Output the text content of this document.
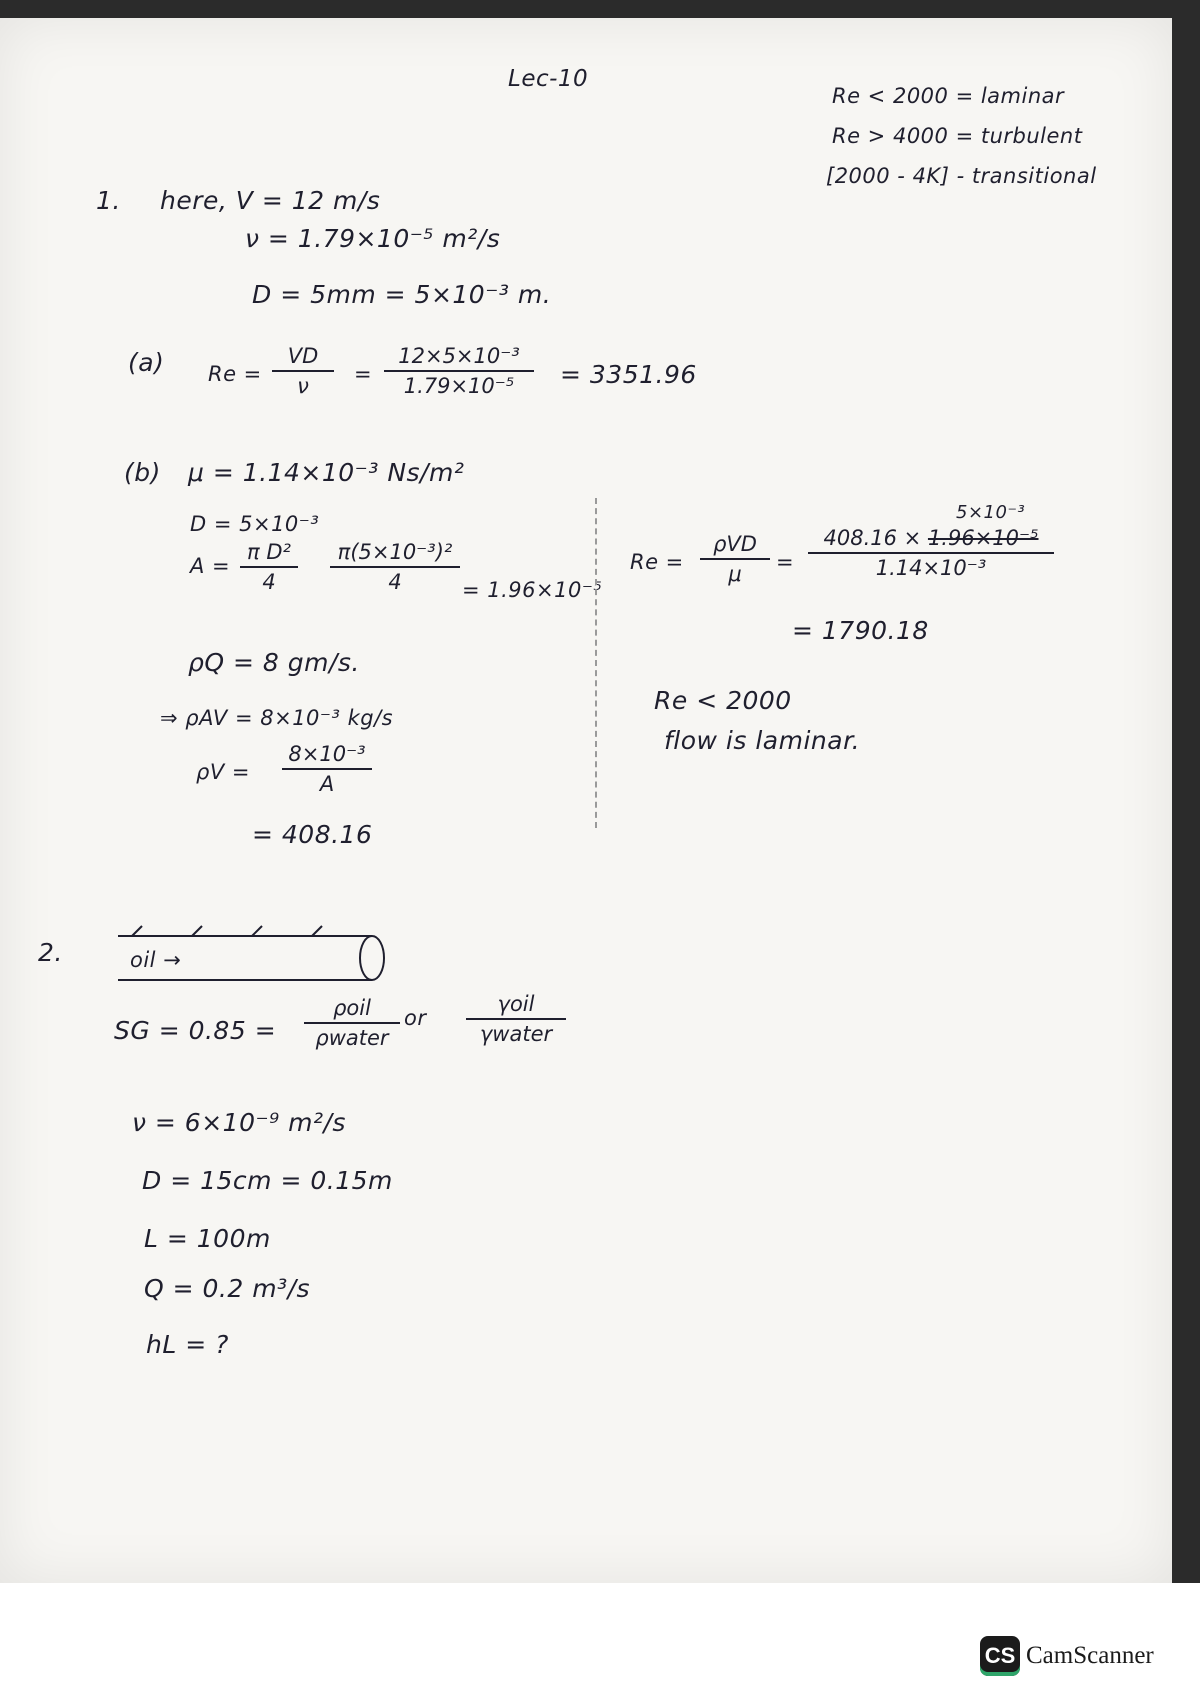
Lec-10
Re < 2000 = laminar
Re > 4000 = turbulent
[2000 - 4K] - transitional
1. here, V = 12 m/s
ν = 1.79×10⁻⁵ m²/s
D = 5mm = 5×10⁻³ m.
(a) Re =
VD
ν =
12×5×10⁻³
1.79×10⁻⁵ = 3351.96
(b) μ = 1.14×10⁻³ Ns/m²
D = 5×10⁻³
A =
π D²
4
π(5×10⁻³)²
4	= 1.96×10⁻⁵
ρQ = 8 gm/s.
⇒ ρAV = 8×10⁻³ kg/s
ρV =
8×10⁻³
A
= 408.16
Re =
ρVD
μ =
5×10⁻³
408.16 × 1.96×10⁻⁵
1.14×10⁻³
= 1790.18
Re < 2000
flow is laminar.
2.	oil →
SG = 0.85 =
ρoil
ρwater
or
γoil
γwater
ν = 6×10⁻⁹ m²/s
D = 15cm = 0.15m
L = 100m
Q = 0.2 m³/s
hL = ?
CS CamScanner
